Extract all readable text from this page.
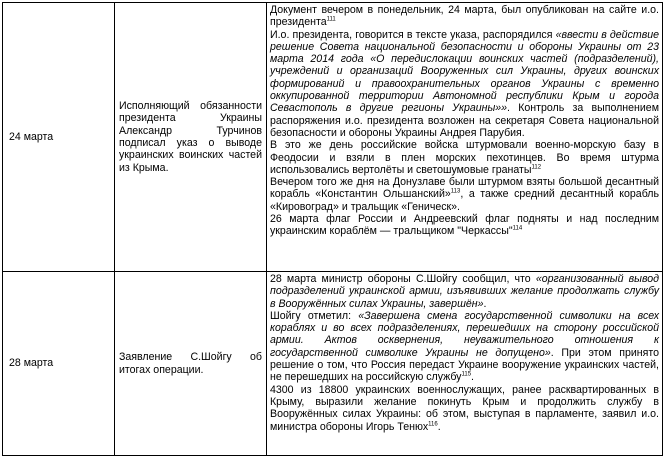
24 марта	Исполняющий обязанности президента Украины Александр Турчинов подписал указ о выводе украинских воинских частей из Крыма.	Документ вечером в понедельник, 24 марта, был опубликован на сайте и.о. президента$^{111}$

И.о. президента, говорится в тексте указа, распорядился «ввести в действие решение Совета национальной безопасности и обороны Украины от 23 марта 2014 года «О передислокации воинских частей (подразделений), учреждений и организаций Вооруженных сил Украины, других воинских формирований и правоохранительных органов Украины с временно оккупированной территории Автономной республики Крым и города Севастополь в другие регионы Украины»». Контроль за выполнением распоряжения и.о. президента возложен на секретаря Совета национальной безопасности и обороны Украины Андрея Парубия.

В это же день российские войска штурмовали военно-морскую базу в Феодосии и взяли в плен морских пехотинцев. Во время штурма использовались вертолёты и светошумовые гранаты$^{112}$

Вечером того же дня на Донузлаве были штурмом взяты большой десантный корабль «Константин Ольшанский»$^{113}$, а также средний десантный корабль «Кировоград» и тральщик «Геническ».

26 марта флаг России и Андреевский флаг подняты и над последним украинским кораблём — тральщиком "Черкассы"$^{114}$

28 марта	Заявление С.Шойгу об итогах операции.	28 марта министр обороны С.Шойгу сообщил, что «организованный вывод подразделений украинской армии, изъявивших желание продолжать службу в Вооружённых силах Украины, завершён».

Шойгу отметил: «Завершена смена государственной символики на всех кораблях и во всех подразделениях, перешедших на сторону российской армии. Актов осквернения, неуважительного отношения к государственной символике Украины не допущено». При этом принято решение о том, что Россия передаст Украине вооружение украинских частей, не перешедших на российскую службу$^{115}$.

4300 из 18800 украинских военнослужащих, ранее расквартированных в Крыму, выразили желание покинуть Крым и продолжить службу в Вооружённых силах Украины: об этом, выступая в парламенте, заявил и.о. министра обороны Игорь Тенюх$^{116}$.
